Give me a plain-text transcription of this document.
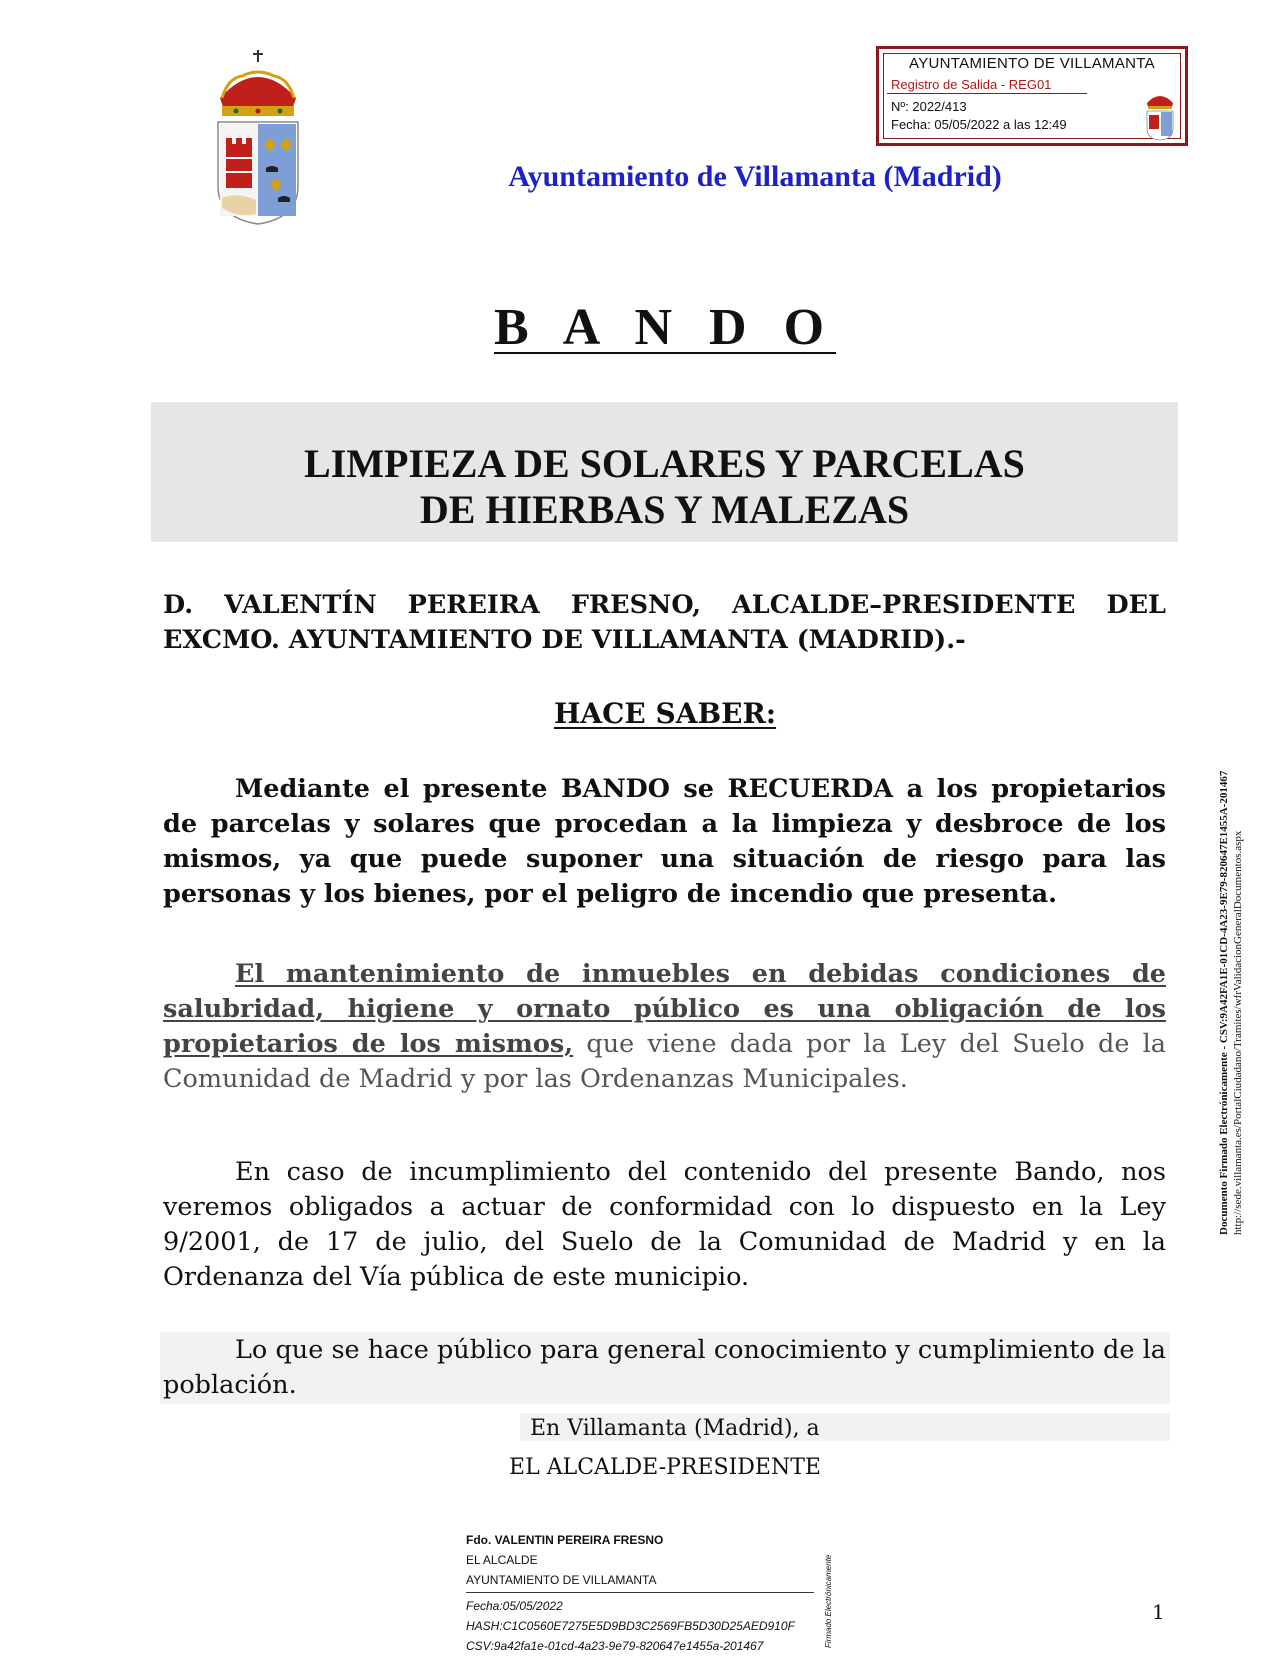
Ayuntamiento de Villamanta (Madrid)
AYUNTAMIENTO DE VILLAMANTA
Registro de Salida - REG01
Nº: 2022/413
Fecha: 05/05/2022 a las 12:49
B A N D O
LIMPIEZA DE SOLARES Y PARCELAS
DE HIERBAS Y MALEZAS
D. VALENTÍN PEREIRA FRESNO, ALCALDE–PRESIDENTE DEL EXCMO. AYUNTAMIENTO DE VILLAMANTA (MADRID).-
HACE SABER:
Mediante el presente BANDO se RECUERDA a los propietarios de parcelas y solares que procedan a la limpieza y desbroce de los mismos, ya que puede suponer una situación de riesgo para las personas y los bienes, por el peligro de incendio que presenta.
El mantenimiento de inmuebles en debidas condiciones de salubridad, higiene y ornato público es una obligación de los propietarios de los mismos, que viene dada por la Ley del Suelo de la Comunidad de Madrid y por las Ordenanzas Municipales.
En caso de incumplimiento del contenido del presente Bando, nos veremos obligados a actuar de conformidad con lo dispuesto en la Ley 9/2001, de 17 de julio, del Suelo de la Comunidad de Madrid y en la Ordenanza del Vía pública de este municipio.
Lo que se hace público para general conocimiento y cumplimiento de la población.
En Villamanta (Madrid), a
EL ALCALDE-PRESIDENTE
Fdo. VALENTIN PEREIRA FRESNO
EL ALCALDE
AYUNTAMIENTO DE VILLAMANTA
Fecha:05/05/2022
HASH:C1C0560E7275E5D9BD3C2569FB5D30D25AED910F
CSV:9a42fa1e-01cd-4a23-9e79-820647e1455a-201467	Firmado Electrónicamente	1
Documento Firmado Electrónicamente - CSV:9A42FA1E-01CD-4A23-9E79-820647E1455A-201467 http://sede.villamanta.es/PortalCiudadano/Tramites/wfrValidacionGeneralDocumentos.aspx
